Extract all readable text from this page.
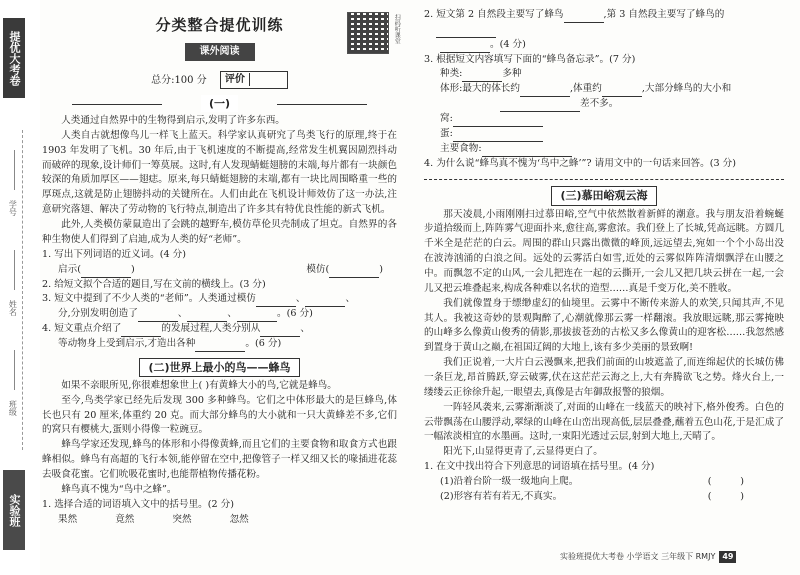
提优大考卷
学号
姓名
班级
实验班
扫码听课堂
分类整合提优训练
课外阅读
总分:100 分 评价
(一)

人类通过自然界中的生物得到启示,发明了许多东西。

人类自古就想像鸟儿一样飞上蓝天。科学家认真研究了鸟类飞行的原理,终于在 1903 年发明了飞机。30 年后,由于飞机速度的不断提高,经常发生机翼因剧烈抖动而破碎的现象,设计师们一筹莫展。这时,有人发现蜻蜓翅膀的末端,每片都有一块颜色较深的角质加厚区——翅痣。原来,每只蜻蜓翅膀的末端,都有一块比周围略重一些的厚斑点,这就是防止翅膀抖动的关键所在。人们由此在飞机设计师效仿了这一办法,注意研究落翅、解决了劳动物的飞行特点,制造出了许多其有特优良性能的新式飞机。

此外,人类模仿蒙鼠造出了会跳的越野车,模仿草伦贝壳制成了坦克。自然界的各种生物使人们得到了启迪,成为人类的好“老师”。

1. 写出下列词语的近义词。(4 分)
启示(	)	模仿(	)
2. 给短文拟个合适的题目,写在文前的横线上。(3 分)
3. 短文中提到了不少人类的“老师”。人类通过模仿	、	、
分,分别发明创造了	、	、	。(6 分)
4. 短文重点介绍了	的发展过程,人类分别从	、
等动物身上受到启示,才造出各种	。(6 分)
(二)世界上最小的鸟——蜂鸟

如果不亲眼所见,你很难想象世上( )有黄蜂大小的鸟,它就是蜂鸟。

至今,鸟类学家已经先后发现 300 多种蜂鸟。它们之中体形最大的是巨蜂鸟,体长也只有 20 厘米,体重约 20 克。而大部分蜂鸟的大小就和一只大黄蜂差不多,它们的窝只有樱桃大,蛋则小得像一粒豌豆。

蜂鸟学家还发现,蜂鸟的体形和小得像黄蜂,而且它们的主要食物和取食方式也跟蜂相似。蜂鸟有高超的飞行本领,能停留在空中,把像管子一样又细又长的喙插进花蕊去吸食花蜜。它们吮吸花蜜时,也能帮植物传播花粉。

蜂鸟真不愧为“鸟中之蜂”。

1. 选择合适的词语填入文中的括号里。(2 分)
果然	竟然	突然	忽然
2. 短文第 2 自然段主要写了蜂鸟	,第 3 自然段主要写了蜂鸟的
。(4 分)
3. 根据短文内容填写下面的“蜂鸟备忘录”。(7 分)
种类:	多种
体形:最大的体长约	,体重约	,大部分蜂鸟的大小和
差不多。
窝:
蛋:
主要食物:
4. 为什么说“蜂鸟真不愧为‘鸟中之蜂’”? 请用文中的一句话来回答。(3 分)
(三)慕田峪观云海

那天凌晨,小雨刚刚扫过慕田峪,空气中依然散着新鲜的潮意。我与朋友沿着蜿蜒步道拾级而上,阵阵雾气迎面扑来,愈往高,雾愈浓。我们登上了长城,凭高远眺。方圆几千米全是茫茫的白云。周围的群山只露出微微的峰顶,远远望去,宛如一个个小岛出没在波涛汹涌的白浪之间。远处的云雾活白如雪,近处的云雾似阵阵清烟飘浮在山腰之中。而飘忽不定的山风,一会儿把连在一起的云撕开,一会儿又把几块云拼在一起,一会儿又把云堆叠起来,构成各种难以名状的造型……真是千变万化,美不胜收。

我们就像置身于缥缈虚幻的仙境里。云雾中不断传来游人的欢笑,只闻其声,不见其人。我被这奇妙的景观陶醉了,心潮就像那云雾一样翻滚。我放眼远眺,那云雾掩映的山峰多么像黄山俊秀的倩影,那拔拔苍劲的古松又多么像黄山的迎客松……我忽然感到置身于黄山之巅,在祖国辽阔的大地上,该有多少美丽的景致啊!

我们正说着,一大片白云漫飘来,把我们前面的山坡遮盖了,而连绵起伏的长城仿佛一条巨龙,昂首腾跃,穿云破雾,伏在这茫茫云海之上,大有奔腾欲飞之势。烽火台上,一缕缕云正徐徐升起,一眼望去,真像是古年御敌报警的狼烟。

一阵轻风袭来,云雾渐渐淡了,对面的山峰在一线蓝天的映衬下,格外俊秀。白色的云带飘荡在山腰浮动,翠绿的山峰在山峦出现高低,层层叠叠,蘸着五色山花,于是汇成了一幅浓淡相宜的水墨画。这时,一束阳光透过云层,射到大地上,天晴了。

阳光下,山显得更青了,云显得更白了。

1. 在文中找出符合下列意思的词语填在括号里。(4 分)
(1)沿着台阶一级一级地向上爬。	(　　　)
(2)形容有若有若无,不真实。	(　　　)
实验班提优大考卷 小学语文 三年级下 RMJY 49
